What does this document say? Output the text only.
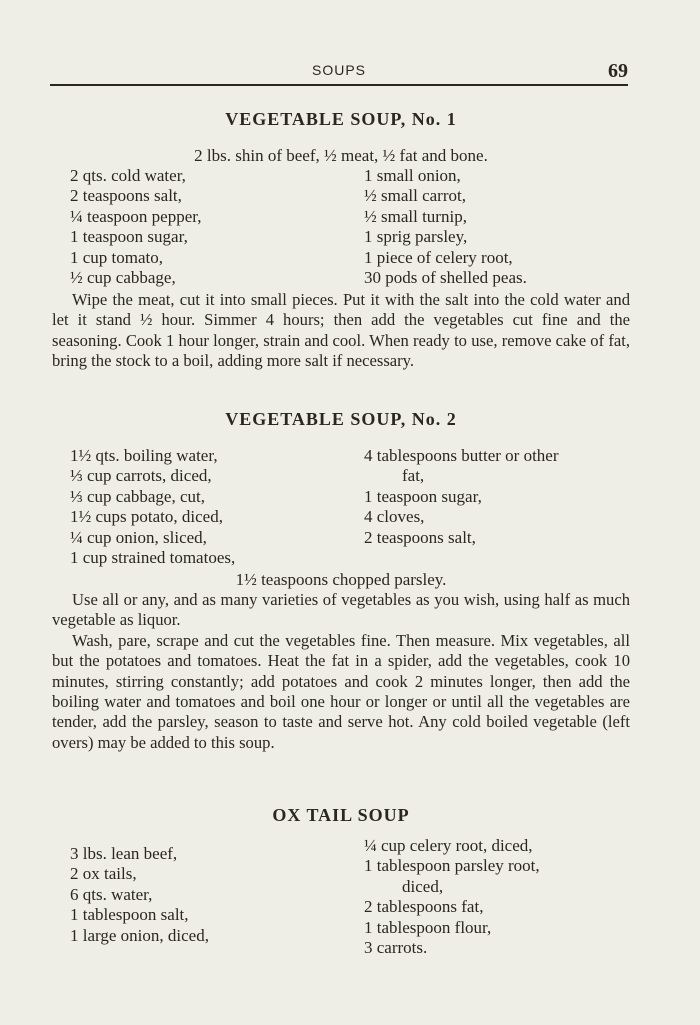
SOUPS	69
VEGETABLE SOUP, No. 1
2 lbs. shin of beef, ½ meat, ½ fat and bone.
2 qts. cold water,
2 teaspoons salt,
¼ teaspoon pepper,
1 teaspoon sugar,
1 cup tomato,
½ cup cabbage,
1 small onion,
½ small carrot,
½ small turnip,
1 sprig parsley,
1 piece of celery root,
30 pods of shelled peas.

Wipe the meat, cut it into small pieces. Put it with the salt into the cold water and let it stand ½ hour. Simmer 4 hours; then add the vegetables cut fine and the seasoning. Cook 1 hour longer, strain and cool. When ready to use, remove cake of fat, bring the stock to a boil, adding more salt if necessary.

VEGETABLE SOUP, No. 2
1½ qts. boiling water,
⅓ cup carrots, diced,
⅓ cup cabbage, cut,
1½ cups potato, diced,
¼ cup onion, sliced,
1 cup strained tomatoes,
4 tablespoons butter or other
fat,
1 teaspoon sugar,
4 cloves,
2 teaspoons salt,
1½ teaspoons chopped parsley.

Use all or any, and as many varieties of vegetables as you wish, using half as much vegetable as liquor.

Wash, pare, scrape and cut the vegetables fine. Then measure. Mix vegetables, all but the potatoes and tomatoes. Heat the fat in a spider, add the vegetables, cook 10 minutes, stirring constantly; add potatoes and cook 2 minutes longer, then add the boiling water and tomatoes and boil one hour or longer or until all the vegetables are tender, add the parsley, season to taste and serve hot. Any cold boiled vegetable (left overs) may be added to this soup.

OX TAIL SOUP
3 lbs. lean beef,
2 ox tails,
6 qts. water,
1 tablespoon salt,
1 large onion, diced,
¼ cup celery root, diced,
1 tablespoon parsley root,
diced,
2 tablespoons fat,
1 tablespoon flour,
3 carrots.
